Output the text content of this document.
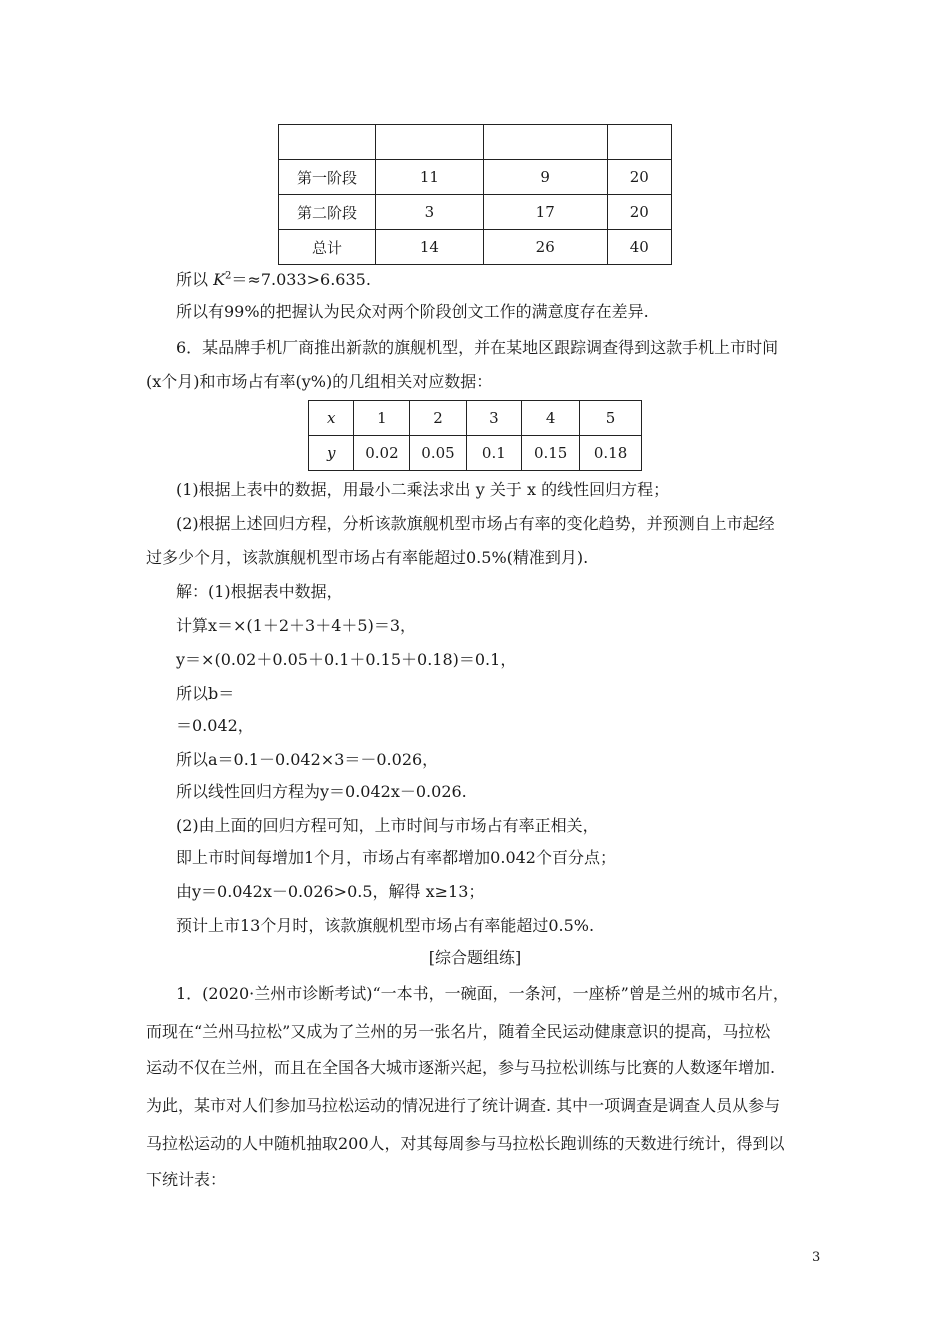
第一阶段	11	9	20
第二阶段	3	17	20
总计	14	26	40
所以 $K^2=\approx 7.033>6.635$.
所以有99%的把握认为民众对两个阶段创文工作的满意度存在差异.
6．某品牌手机厂商推出新款的旗舰机型，并在某地区跟踪调查得到这款手机上市时间
(x个月)和市场占有率(y%)的几组相关对应数据：
x	1	2	3	4	5
y	0.02	0.05	0.1	0.15	0.18
(1)根据上表中的数据，用最小二乘法求出 y 关于 x 的线性回归方程；
(2)根据上述回归方程，分析该款旗舰机型市场占有率的变化趋势，并预测自上市起经
过多少个月，该款旗舰机型市场占有率能超过0.5%(精准到月).
解：(1)根据表中数据，
计算x＝×(1＋2＋3＋4＋5)＝3，
y＝×(0.02＋0.05＋0.1＋0.15＋0.18)＝0.1，
所以b＝
＝0.042，
所以a＝0.1－0.042×3＝－0.026，
所以线性回归方程为y＝0.042x－0.026.
(2)由上面的回归方程可知，上市时间与市场占有率正相关，
即上市时间每增加1个月，市场占有率都增加0.042个百分点；
由y＝0.042x－0.026>0.5，解得 x≥13；
预计上市13个月时，该款旗舰机型市场占有率能超过0.5%.
[综合题组练]
1．(2020·兰州市诊断考试)“一本书，一碗面，一条河，一座桥”曾是兰州的城市名片，
而现在“兰州马拉松”又成为了兰州的另一张名片，随着全民运动健康意识的提高，马拉松
运动不仅在兰州，而且在全国各大城市逐渐兴起，参与马拉松训练与比赛的人数逐年增加.
为此，某市对人们参加马拉松运动的情况进行了统计调查. 其中一项调查是调查人员从参与
马拉松运动的人中随机抽取200人，对其每周参与马拉松长跑训练的天数进行统计，得到以
下统计表：
3
